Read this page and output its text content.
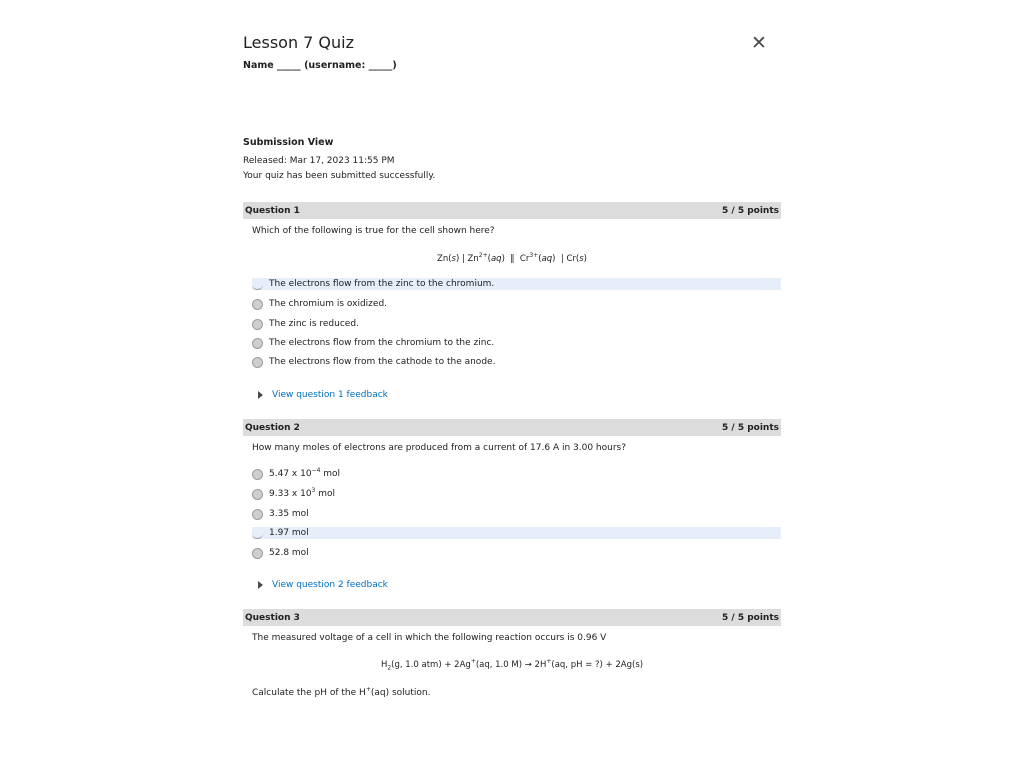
Lesson 7 Quiz
Name _____ (username: _____)
Submission View
Released: Mar 17, 2023 11:55 PM
Your quiz has been submitted successfully.
Question 1	5 / 5 points
Which of the following is true for the cell shown here?
Zn(s) | $Zn^{2+}(aq)$  ‖  $Cr^{3+}(aq)$  | Cr(s)
The electrons flow from the zinc to the chromium.
The chromium is oxidized.
The zinc is reduced.
The electrons flow from the chromium to the zinc.
The electrons flow from the cathode to the anode.
View question 1 feedback
Question 2	5 / 5 points
How many moles of electrons are produced from a current of 17.6 A in 3.00 hours?
5.47 x $10^{-4}$ mol
9.33 x $10^3$ mol
3.35 mol
1.97 mol
52.8 mol
View question 2 feedback
Question 3	5 / 5 points
The measured voltage of a cell in which the following reaction occurs is 0.96 V
$H_2(g$, 1.0 atm) + 2Ag+(aq, 1.0 M) → 2H+(aq, pH = ?) + 2Ag(s)
Calculate the pH of the H+(aq) solution.
✕
